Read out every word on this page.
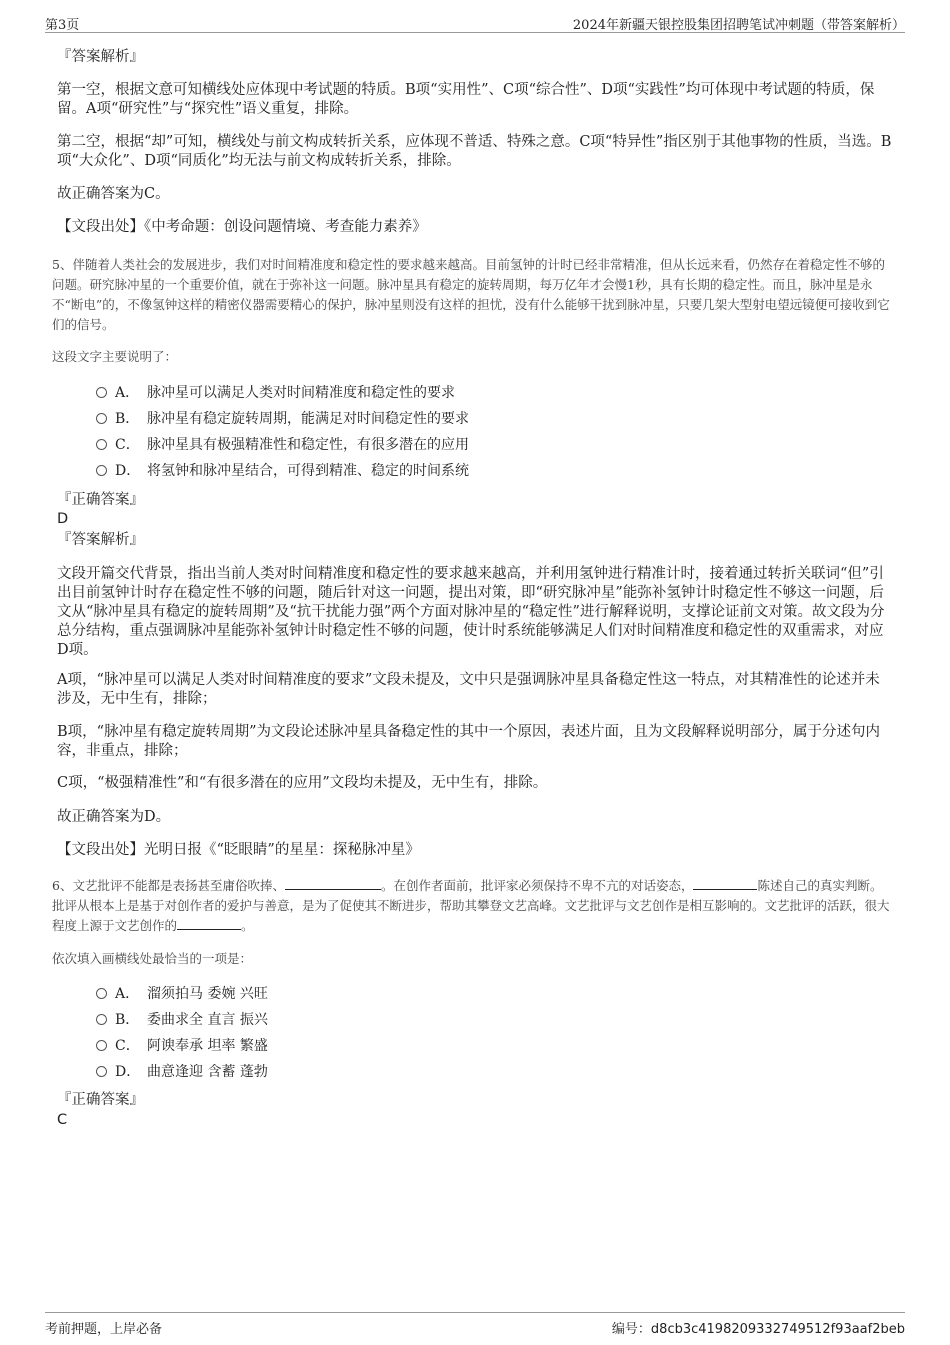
第3页	2024年新疆天银控股集团招聘笔试冲刺题（带答案解析）
『答案解析』

第一空，根据文意可知横线处应体现中考试题的特质。B项“实用性”、C项“综合性”、D项“实践性”均可体现中考试题的特质，保留。A项“研究性”与“探究性”语义重复，排除。

第二空，根据“却”可知，横线处与前文构成转折关系，应体现不普适、特殊之意。C项“特异性”指区别于其他事物的性质，当选。B项“大众化”、D项“同质化”均无法与前文构成转折关系，排除。

故正确答案为C。
【文段出处】《中考命题：创设问题情境、考查能力素养》

5、伴随着人类社会的发展进步，我们对时间精准度和稳定性的要求越来越高。目前氢钟的计时已经非常精准，但从长远来看，仍然存在着稳定性不够的问题。研究脉冲星的一个重要价值，就在于弥补这一问题。脉冲星具有稳定的旋转周期，每万亿年才会慢1秒，具有长期的稳定性。而且，脉冲星是永不“断电”的，不像氢钟这样的精密仪器需要精心的保护，脉冲星则没有这样的担忧，没有什么能够干扰到脉冲星，只要几架大型射电望远镜便可接收到它们的信号。

这段文字主要说明了：
A． 脉冲星可以满足人类对时间精准度和稳定性的要求
B． 脉冲星有稳定旋转周期，能满足对时间稳定性的要求
C． 脉冲星具有极强精准性和稳定性，有很多潜在的应用
D． 将氢钟和脉冲星结合，可得到精准、稳定的时间系统
『正确答案』
D
『答案解析』

文段开篇交代背景，指出当前人类对时间精准度和稳定性的要求越来越高，并利用氢钟进行精准计时，接着通过转折关联词“但”引出目前氢钟计时存在稳定性不够的问题，随后针对这一问题，提出对策，即“研究脉冲星”能弥补氢钟计时稳定性不够这一问题，后文从“脉冲星具有稳定的旋转周期”及“抗干扰能力强”两个方面对脉冲星的“稳定性”进行解释说明，支撑论证前文对策。故文段为分总分结构，重点强调脉冲星能弥补氢钟计时稳定性不够的问题，使计时系统能够满足人们对时间精准度和稳定性的双重需求，对应D项。

A项，“脉冲星可以满足人类对时间精准度的要求”文段未提及，文中只是强调脉冲星具备稳定性这一特点，对其精准性的论述并未涉及，无中生有，排除；

B项，“脉冲星有稳定旋转周期”为文段论述脉冲星具备稳定性的其中一个原因，表述片面，且为文段解释说明部分，属于分述句内容，非重点，排除；

C项，“极强精准性”和“有很多潜在的应用”文段均未提及，无中生有，排除。

故正确答案为D。

【文段出处】光明日报《“眨眼睛”的星星：探秘脉冲星》

6、文艺批评不能都是表扬甚至庸俗吹捧、	。在创作者面前，批评家必须保持不卑不亢的对话姿态，	陈述自己的真实判断。批评从根本上是基于对创作者的爱护与善意，是为了促使其不断进步，帮助其攀登文艺高峰。文艺批评与文艺创作是相互影响的。文艺批评的活跃，很大程度上源于文艺创作的	。

依次填入画横线处最恰当的一项是：
A． 溜须拍马 委婉 兴旺
B． 委曲求全 直言 振兴
C． 阿谀奉承 坦率 繁盛
D． 曲意逢迎 含蓄 蓬勃
『正确答案』
C
考前押题，上岸必备	编号：d8cb3c4198209332749512f93aaf2beb
